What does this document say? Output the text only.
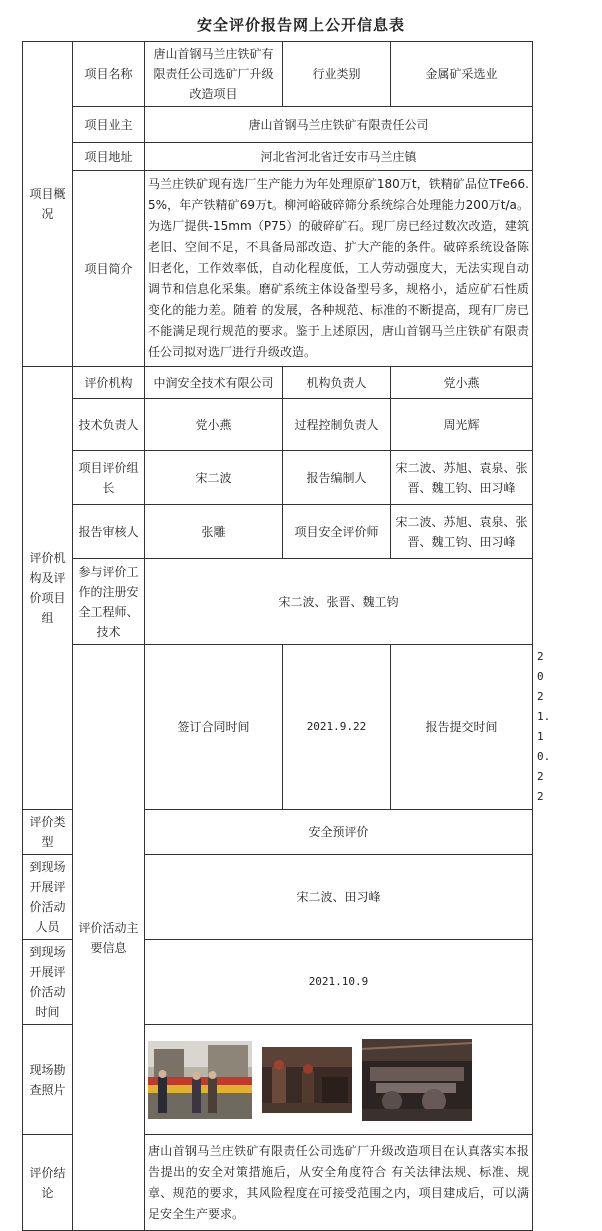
安全评价报告网上公开信息表
项目概况	项目名称	唐山首钢马兰庄铁矿有限责任公司选矿厂升级改造项目	行业类别	金属矿采选业	
	项目业主	唐山首钢马兰庄铁矿有限责任公司			
	项目地址	河北省河北省迁安市马兰庄镇			
	项目简介	马兰庄铁矿现有选厂生产能力为年处理原矿180万t，铁精矿品位TFe66.5%，年产铁精矿69万t。柳河峪破碎筛分系统综合处理能力200万t/a。为选厂提供-15mm（P75）的破碎矿石。现厂房已经过数次改造，建筑老旧、空间不足，不具备局部改造、扩大产能的条件。破碎系统设备陈旧老化，工作效率低，自动化程度低，工人劳动强度大，无法实现自动调节和信息化采集。磨矿系统主体设备型号多，规格小，适应矿石性质变化的能力差。随着 的发展，各种规范、标准的不断提高，现有厂房已不能满足现行规范的要求。鉴于上述原因，唐山首钢马兰庄铁矿有限责任公司拟对选厂进行升级改造。			
评价机构及评价项目组	评价机构	中润安全技术有限公司	机构负责人	党小燕	
	技术负责人	党小燕	过程控制负责人	周光辉	
	项目评价组长	宋二波	报告编制人	宋二波、苏旭、袁泉、张晋、魏工钧、田习峰	
	报告审核人	张雕	项目安全评价师	宋二波、苏旭、袁泉、张晋、魏工钧、田习峰	
	参与评价工作的注册安全工程师、技术	宋二波、张晋、魏工钧			
	评价活动主要信息	签订合同时间	2021.9.22	报告提交时间	2021.10.22
评价类型		安全预评价			
到现场开展评价活动人员		宋二波、田习峰			
到现场开展评价活动时间		2021.10.9			
现场勘查照片	

评价结论		唐山首钢马兰庄铁矿有限责任公司选矿厂升级改造项目在认真落实本报告提出的安全对策措施后，从安全角度符合 有关法律法规、标准、规章、规范的要求，其风险程度在可接受范围之内，项目建成后，可以满足安全生产要求。			
